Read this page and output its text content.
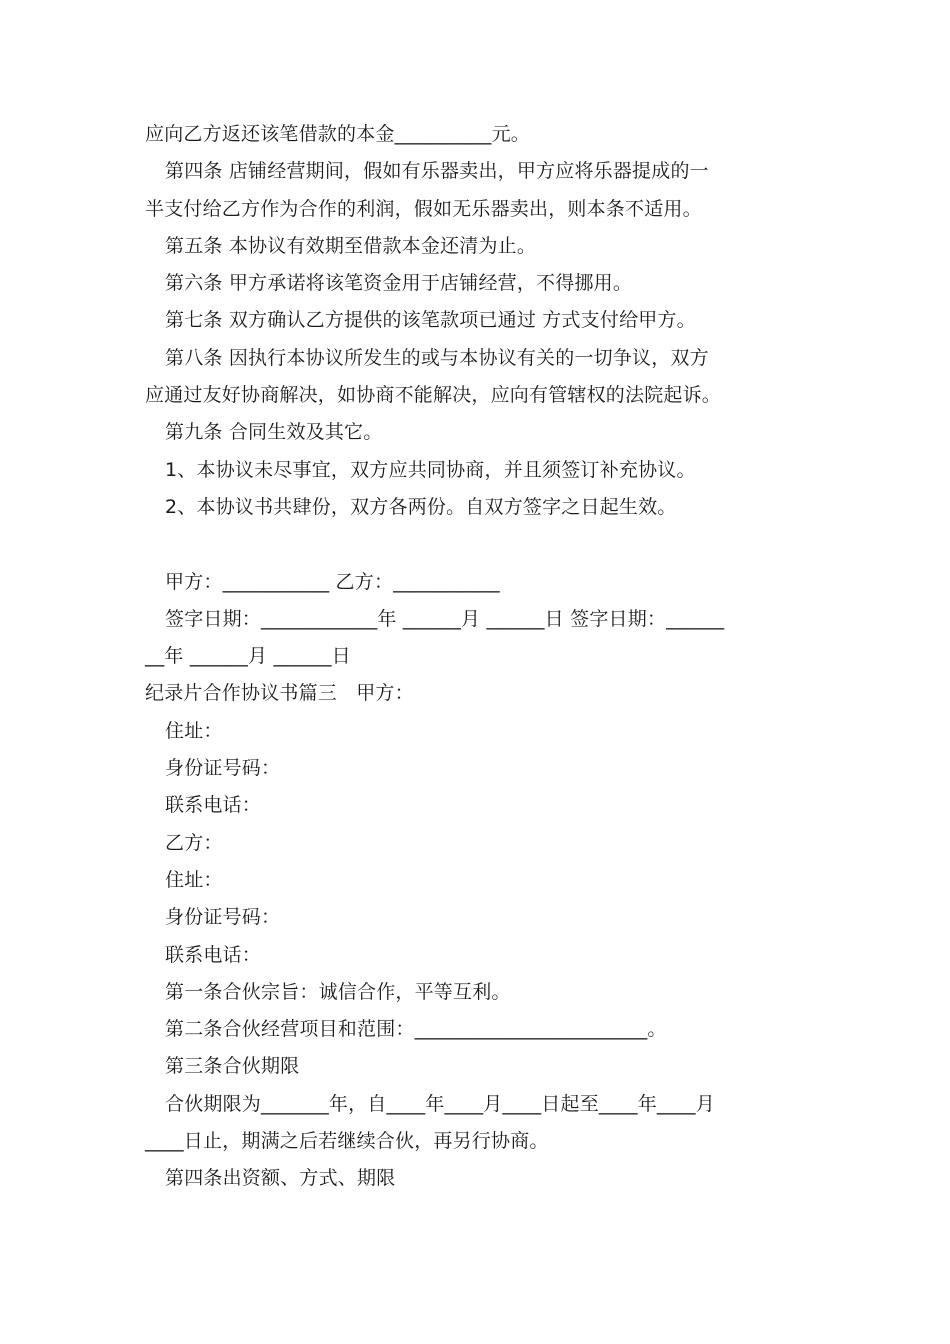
应向乙方返还该笔借款的本金__________元。
第四条 店铺经营期间，假如有乐器卖出，甲方应将乐器提成的一
半支付给乙方作为合作的利润，假如无乐器卖出，则本条不适用。
第五条 本协议有效期至借款本金还清为止。
第六条 甲方承诺将该笔资金用于店铺经营，不得挪用。
第七条 双方确认乙方提供的该笔款项已通过 方式支付给甲方。
第八条 因执行本协议所发生的或与本协议有关的一切争议，双方
应通过友好协商解决，如协商不能解决，应向有管辖权的法院起诉。
第九条 合同生效及其它。
1、本协议未尽事宜，双方应共同协商，并且须签订补充协议。
2、本协议书共肆份，双方各两份。自双方签字之日起生效。
甲方：___________ 乙方：___________
签字日期：____________年 ______月 ______日 签字日期：______
__年 ______月 ______日
纪录片合作协议书篇三　甲方：
住址：
身份证号码：
联系电话：
乙方：
住址：
身份证号码：
联系电话：
第一条合伙宗旨：诚信合作，平等互利。
第二条合伙经营项目和范围：________________________。
第三条合伙期限
合伙期限为_______年，自____年____月____日起至____年____月
____日止，期满之后若继续合伙，再另行协商。
第四条出资额、方式、期限
